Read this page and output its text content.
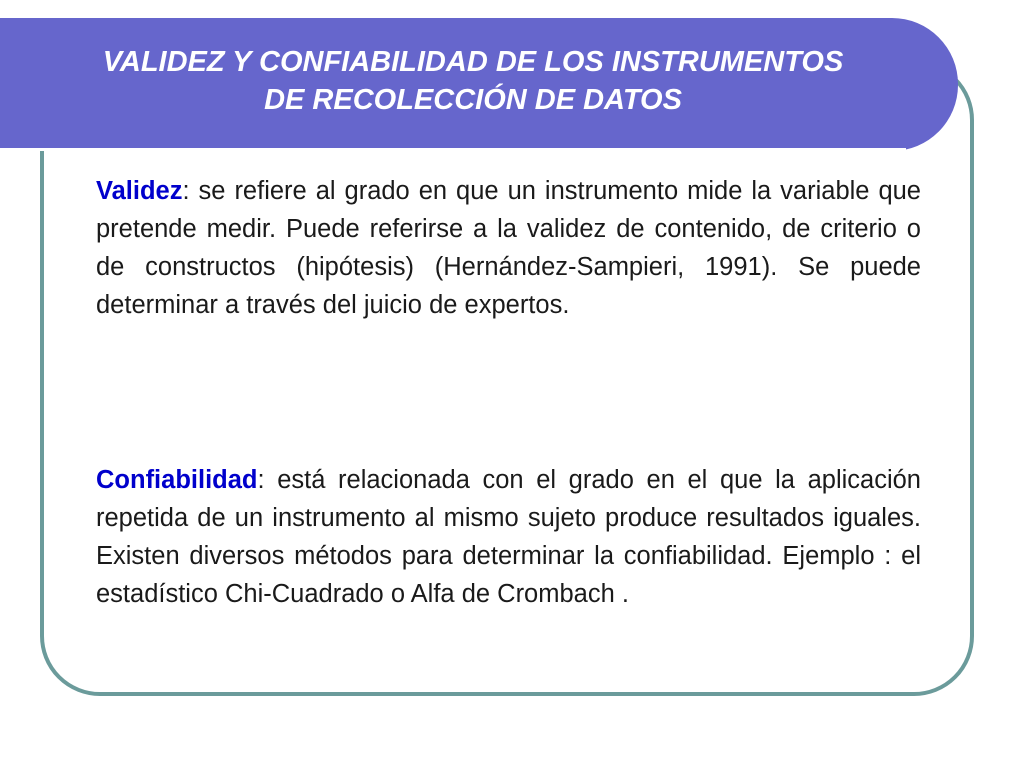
VALIDEZ Y CONFIABILIDAD DE LOS INSTRUMENTOS
DE RECOLECCIÓN DE DATOS

Validez: se refiere al grado en que un instrumento mide la variable que pretende medir. Puede referirse a la validez de contenido, de criterio o de constructos (hipótesis) (Hernández-Sampieri, 1991). Se puede determinar a través del juicio de expertos.

Confiabilidad: está relacionada con el grado en el que la aplicación repetida de un instrumento al mismo sujeto produce resultados iguales. Existen diversos métodos para determinar la confiabilidad. Ejemplo : el estadístico Chi-Cuadrado o Alfa de Crombach .
